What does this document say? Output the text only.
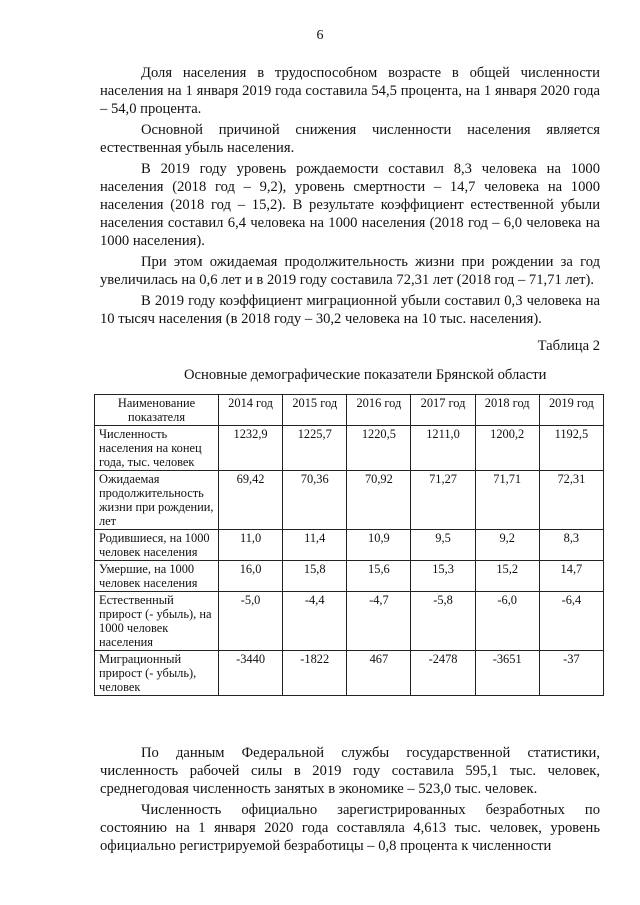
6

Доля населения в трудоспособном возрасте в общей численности населения на 1 января 2019 года составила 54,5 процента, на 1 января 2020 года – 54,0 процента.

Основной причиной снижения численности населения является естественная убыль населения.

В 2019 году уровень рождаемости составил 8,3 человека на 1000 населения (2018 год – 9,2), уровень смертности – 14,7 человека на 1000 населения (2018 год – 15,2). В результате коэффициент естественной убыли населения составил 6,4 человека на 1000 населения (2018 год – 6,0 человека на 1000 населения).

При этом ожидаемая продолжительность жизни при рождении за год увеличилась на 0,6 лет и в 2019 году составила 72,31 лет (2018 год – 71,71 лет).

В 2019 году коэффициент миграционной убыли составил 0,3 человека на 10 тысяч населения (в 2018 году – 30,2 человека на 10 тыс. населения).

Таблица 2
Основные демографические показатели Брянской области
Наименование показателя	2014 год	2015 год	2016 год	2017 год	2018 год	2019 год
Численность населения на конец года, тыс. человек	1232,9	1225,7	1220,5	1211,0	1200,2	1192,5
Ожидаемая продолжительность жизни при рождении, лет	69,42	70,36	70,92	71,27	71,71	72,31
Родившиеся, на 1000 человек населения	11,0	11,4	10,9	9,5	9,2	8,3
Умершие, на 1000 человек населения	16,0	15,8	15,6	15,3	15,2	14,7
Естественный прирост (- убыль), на 1000 человек населения	-5,0	-4,4	-4,7	-5,8	-6,0	-6,4
Миграционный прирост (- убыль), человек	-3440	-1822	467	-2478	-3651	-37

По данным Федеральной службы государственной статистики, численность рабочей силы в 2019 году составила 595,1 тыс. человек, среднегодовая численность занятых в экономике – 523,0 тыс. человек.

Численность официально зарегистрированных безработных по состоянию на 1 января 2020 года составляла 4,613 тыс. человек, уровень официально регистрируемой безработицы – 0,8 процента к численности
